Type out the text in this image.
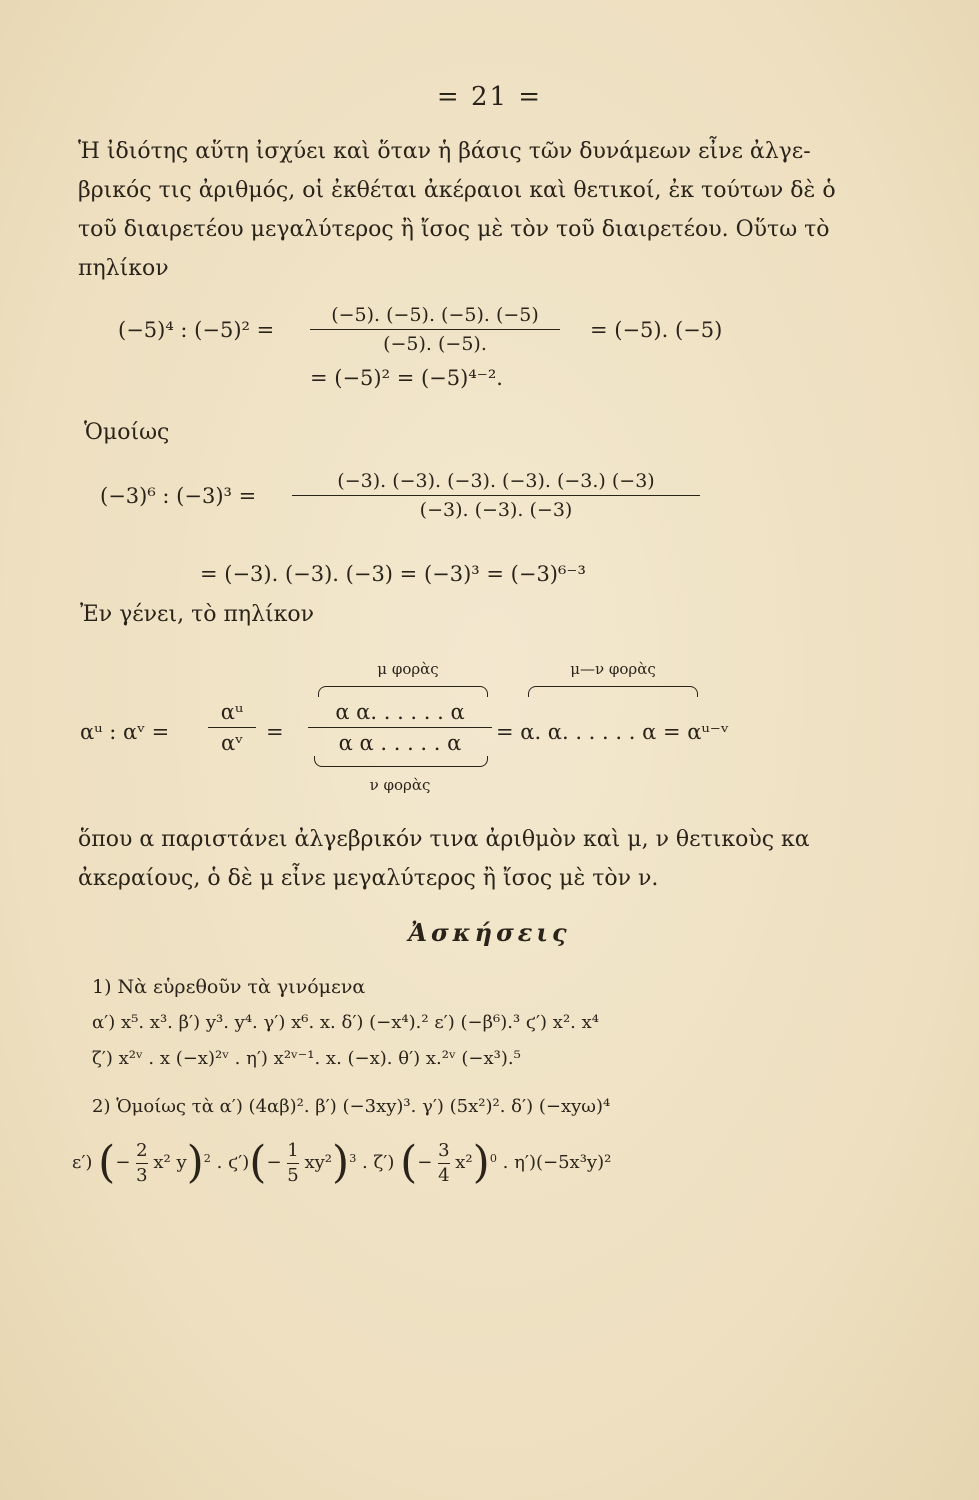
= 21 =
Ἡ ἰδιότης αὕτη ἰσχύει καὶ ὅταν ἡ βάσις τῶν δυνάμεων εἶνε ἀλγε-
βρικός τις ἀριθμός, οἱ ἐκθέται ἀκέραιοι καὶ θετικοί, ἐκ τούτων δὲ ὁ
τοῦ διαιρετέου μεγαλύτερος ἢ ἴσος μὲ τὸν τοῦ διαιρετέου. Οὕτω τὸ
πηλίκον
(−5)⁴ : (−5)² =
(−5). (−5). (−5). (−5)
(−5). (−5).
= (−5). (−5)
= (−5)² = (−5)⁴⁻².
Ὁμοίως
(−3)⁶ : (−3)³ =
(−3). (−3). (−3). (−3). (−3.) (−3)
(−3). (−3). (−3)
= (−3). (−3). (−3) = (−3)³ = (−3)⁶⁻³
Ἐν γένει, τὸ πηλίκον
μ φορὰς	μ—ν φορὰς
αᵘ : αᵛ =
αᵘ
αᵛ	=
α α. . . . . . α
α α . . . . . α	= α. α. . . . . . α = αᵘ⁻ᵛ
ν φορὰς
ὅπου α παριστάνει ἀλγεβρικόν τινα ἀριθμὸν καὶ μ, ν θετικοὺς κα
ἀκεραίους, ὁ δὲ μ εἶνε μεγαλύτερος ἢ ἴσος μὲ τὸν ν.
Ἀσκήσεις
1) Νὰ εὑρεθοῦν τὰ γινόμενα
α′) x⁵. x³. β′) y³. y⁴. γ′) x⁶. x. δ′) (−x⁴).² ε′) (−β⁶).³ ϛ′) x². x⁴
ζ′) x²ᵛ . x (−x)²ᵛ . η′) x²ᵛ⁻¹. x. (−x). θ′) x.²ᵛ (−x³).⁵
2) Ὁμοίως τὰ α′) (4αβ)². β′) (−3xy)³. γ′) (5x²)². δ′) (−xyω)⁴
ε′) (− $\frac{2}{3} x^2$ y)$^2$ . $ϛ')(- \frac{1}{5} xy^2)^3$ . ζ′) (− $\frac{3}{4} x^2)^0$ . η′)(−5x³y)²
